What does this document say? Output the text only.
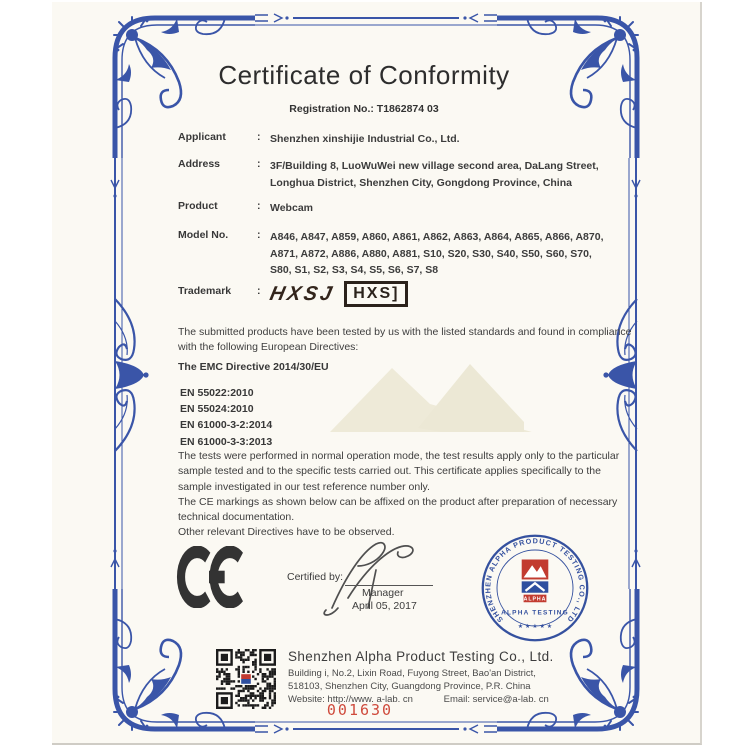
Certificate of Conformity
Registration No.: T1862874 03
Applicant	: Shenzhen xinshijie Industrial Co., Ltd.
Address	: 3F/Building 8, LuoWuWei new village second area, DaLang Street, Longhua District, Shenzhen City, Gongdong Province, China
Product	: Webcam
Model No.	: A846, A847, A859, A860, A861, A862, A863, A864, A865, A866, A870, A871, A872, A886, A880, A881, S10, S20, S30, S40, S50, S60, S70, S80, S1, S2, S3, S4, S5, S6, S7, S8
Trademark	: HXSJ	HXS]

The submitted products have been tested by us with the listed standards and found in compliance with the following European Directives:

The EMC Directive 2014/30/EU
EN 55022:2010
EN 55024:2010
EN 61000-3-2:2014
EN 61000-3-3:2013

The tests were performed in normal operation mode, the test results apply only to the particular sample tested and to the specific tests carried out. This certificate applies specifically to the sample investigated in our test reference number only.

The CE markings as shown below can be affixed on the product after preparation of necessary technical documentation.

Other relevant Directives have to be observed.

Certified by:
Manager
April 05, 2017
SHENZHEN ALPHA PRODUCT TESTING CO., LTD
ALPHA
ALPHA TESTING
★ ★ ★ ★ ★
Shenzhen Alpha Product Testing Co., Ltd.
Building i, No.2, Lixin Road, Fuyong Street, Bao'an District,
518103, Shenzhen City, Guangdong Province, P.R. China
Website: http://www. a-lab. cn	Email: service@a-lab. cn
001630
